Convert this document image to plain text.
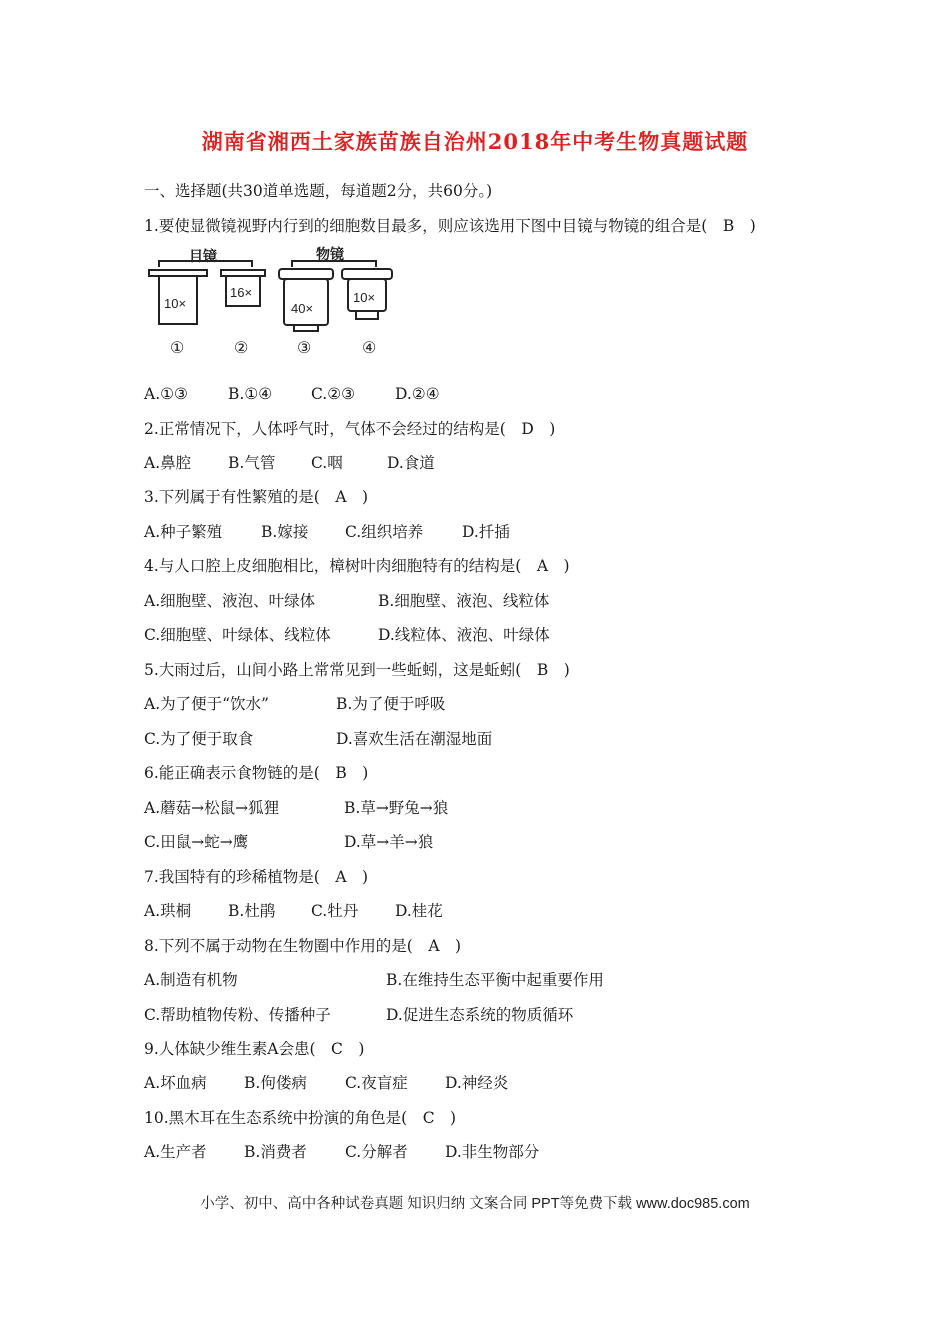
湖南省湘西土家族苗族自治州2018年中考生物真题试题
一、选择题(共30道单选题，每道题2分，共60分。)
1.要使显微镜视野内行到的细胞数目最多，则应该选用下图中目镜与物镜的组合是(　B　)
目镜
10×
16×
物镜
40×
10×
①	②	③	④
A.①③	B.①④	C.②③	D.②④
2.正常情况下，人体呼气时，气体不会经过的结构是(　D　)
A.鼻腔 B.气管 C.咽	D.食道
3.下列属于有性繁殖的是(　A　)
A.种子繁殖	B.嫁接 C.组织培养	D.扦插
4.与人口腔上皮细胞相比，樟树叶肉细胞特有的结构是(　A　)
A.细胞壁、液泡、叶绿体	B.细胞壁、液泡、线粒体
C.细胞壁、叶绿体、线粒体	D.线粒体、液泡、叶绿体
5.大雨过后，山间小路上常常见到一些蚯蚓，这是蚯蚓(　B　)
A.为了便于“饮水”	B.为了便于呼吸
C.为了便于取食	D.喜欢生活在潮湿地面
6.能正确表示食物链的是(　B　)
A.蘑菇→松鼠→狐狸	B.草→野兔→狼
C.田鼠→蛇→鹰	D.草→羊→狼
7.我国特有的珍稀植物是(　A　)
A.珙桐 B.杜鹃 C.牡丹 D.桂花
8.下列不属于动物在生物圈中作用的是(　A　)
A.制造有机物	B.在维持生态平衡中起重要作用
C.帮助植物传粉、传播种子	D.促进生态系统的物质循环
9.人体缺少维生素A会患(　C　)
A.坏血病 B.佝偻病 C.夜盲症 D.神经炎
10.黑木耳在生态系统中扮演的角色是(　C　)
A.生产者 B.消费者 C.分解者 D.非生物部分
小学、初中、高中各种试卷真题 知识归纳 文案合同 PPT等免费下载 www.doc985.com
